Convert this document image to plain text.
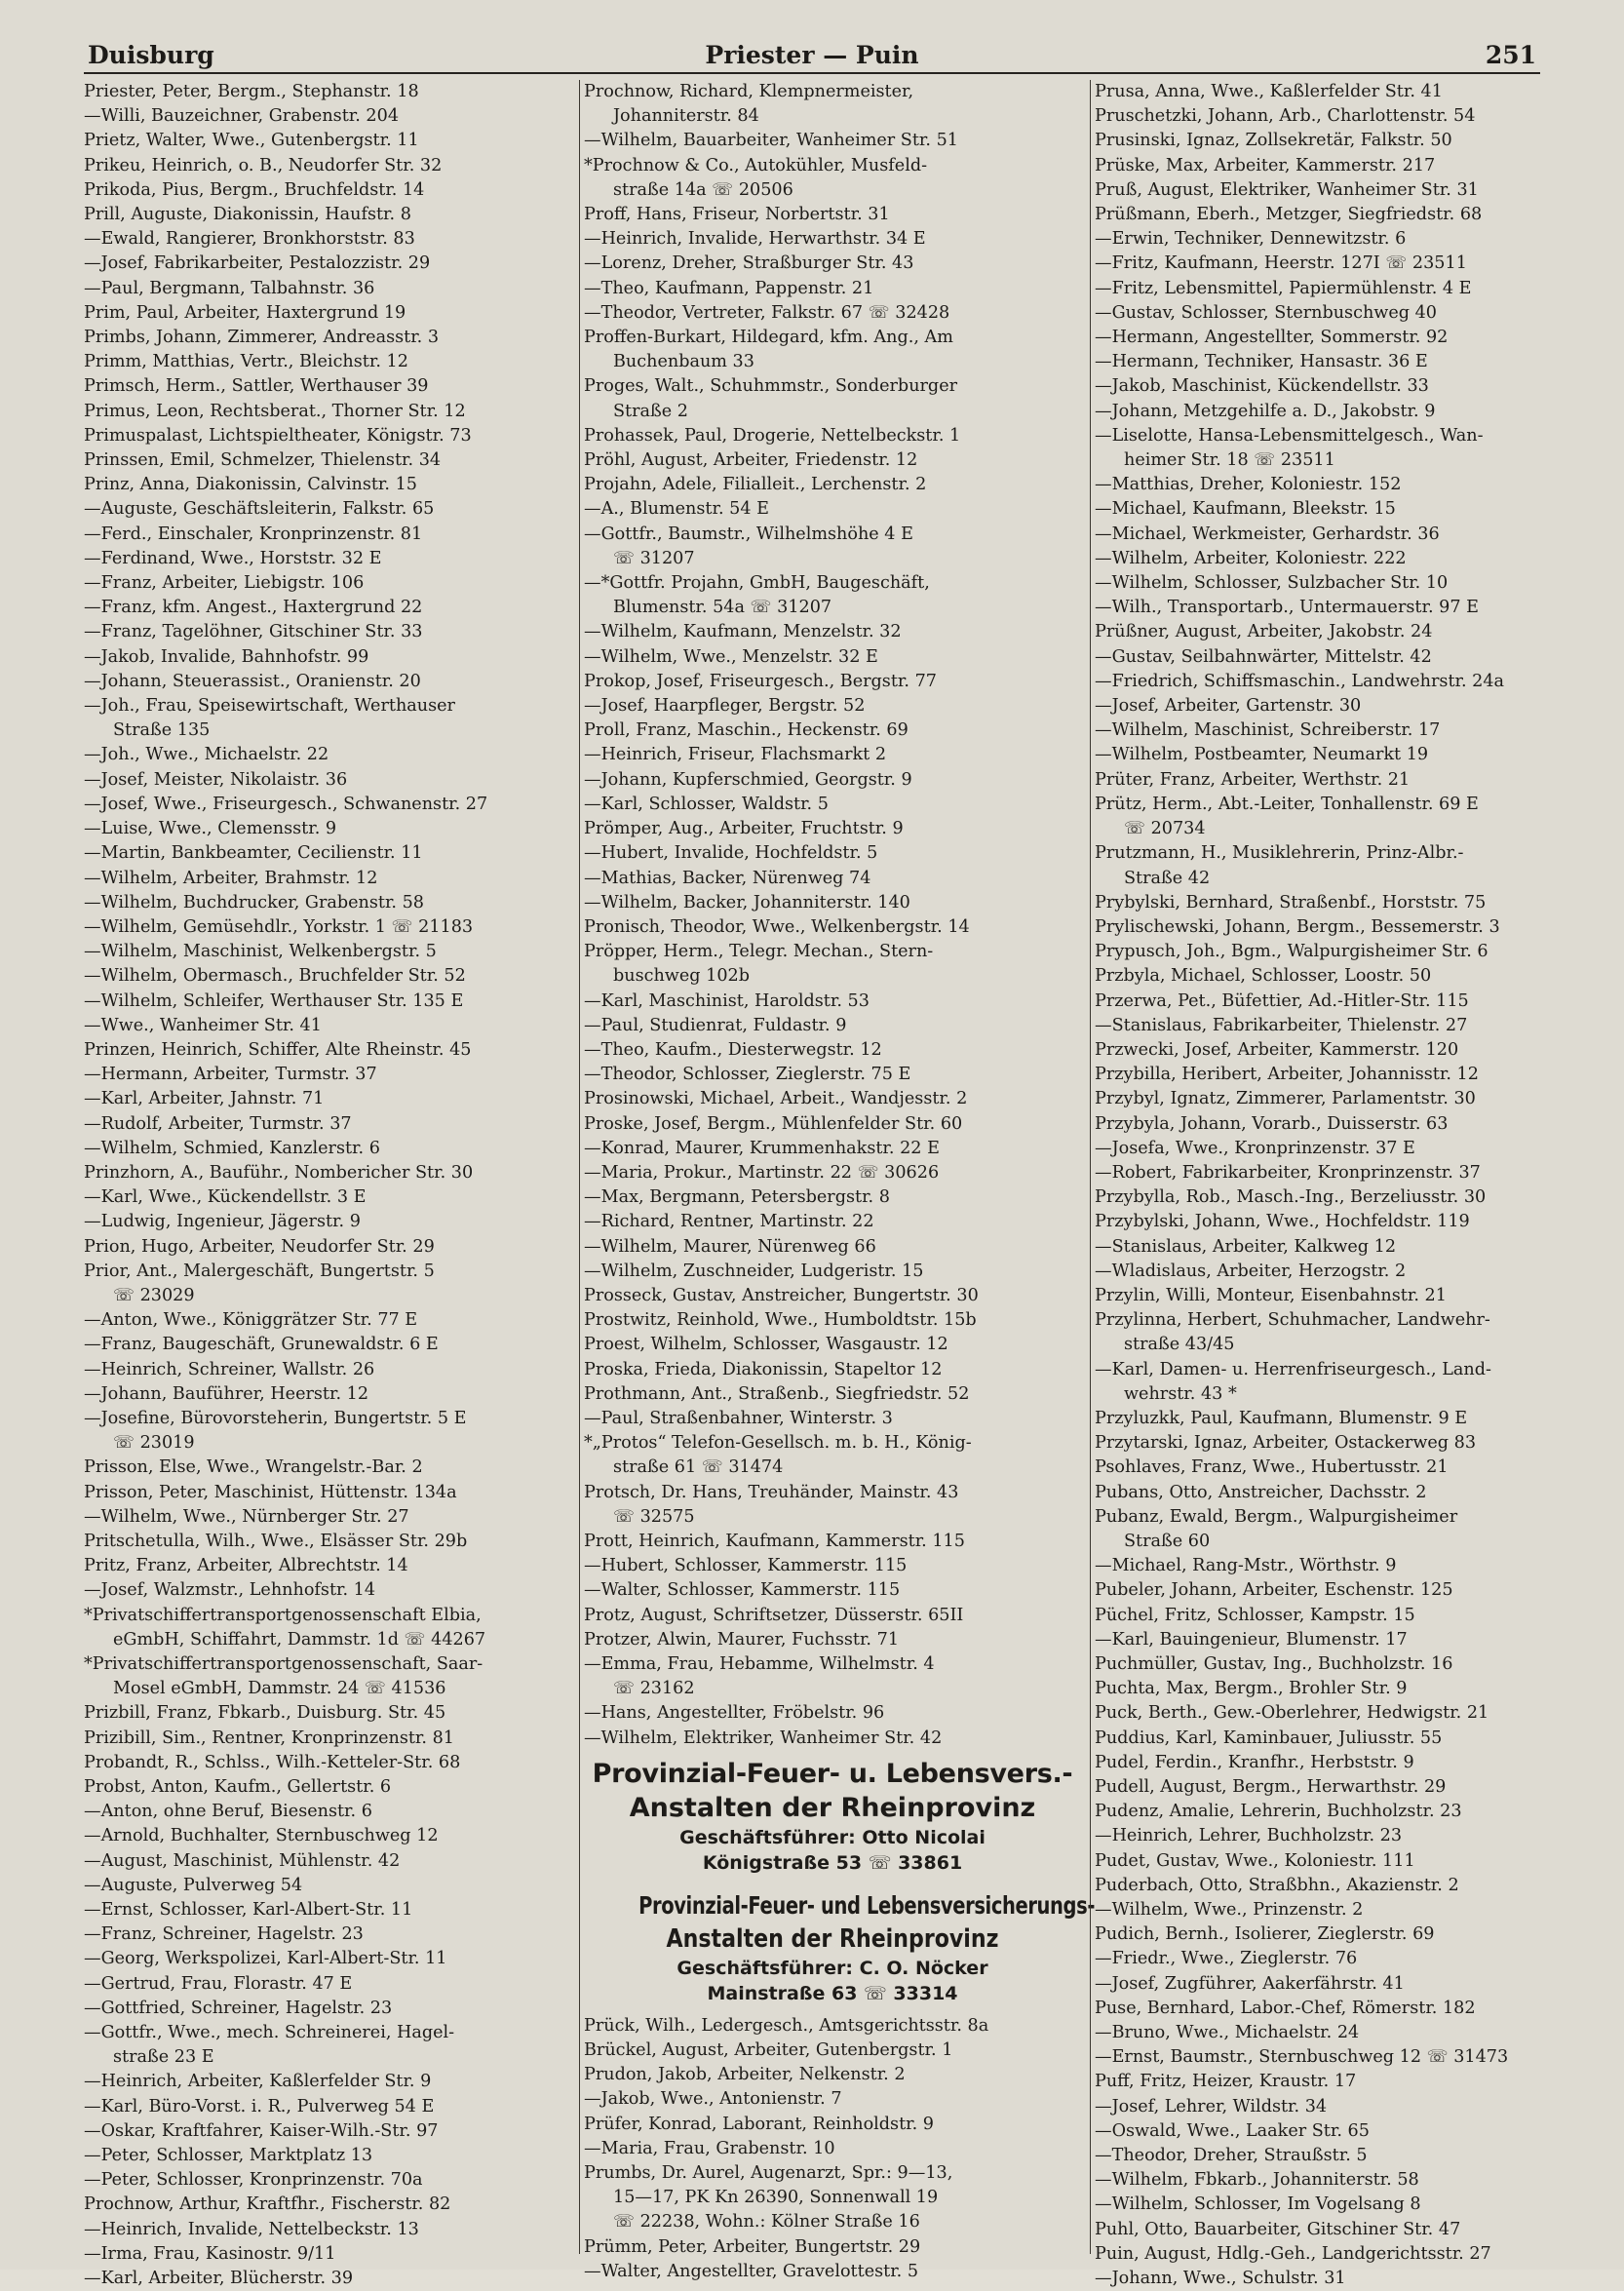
Duisburg	Priester — Puin	251
Priester, Peter, Bergm., Stephanstr. 18
—Willi, Bauzeichner, Grabenstr. 204
Prietz, Walter, Wwe., Gutenbergstr. 11
Prikeu, Heinrich, o. B., Neudorfer Str. 32
Prikoda, Pius, Bergm., Bruchfeldstr. 14
Prill, Auguste, Diakonissin, Haufstr. 8
—Ewald, Rangierer, Bronkhorststr. 83
—Josef, Fabrikarbeiter, Pestalozzistr. 29
—Paul, Bergmann, Talbahnstr. 36
Prim, Paul, Arbeiter, Haxtergrund 19
Primbs, Johann, Zimmerer, Andreasstr. 3
Primm, Matthias, Vertr., Bleichstr. 12
Primsch, Herm., Sattler, Werthauser 39
Primus, Leon, Rechtsberat., Thorner Str. 12
Primuspalast, Lichtspieltheater, Königstr. 73
Prinssen, Emil, Schmelzer, Thielenstr. 34
Prinz, Anna, Diakonissin, Calvinstr. 15
—Auguste, Geschäftsleiterin, Falkstr. 65
—Ferd., Einschaler, Kronprinzenstr. 81
—Ferdinand, Wwe., Horststr. 32 E
—Franz, Arbeiter, Liebigstr. 106
—Franz, kfm. Angest., Haxtergrund 22
—Franz, Tagelöhner, Gitschiner Str. 33
—Jakob, Invalide, Bahnhofstr. 99
—Johann, Steuerassist., Oranienstr. 20
—Joh., Frau, Speisewirtschaft, Werthauser
Straße 135
—Joh., Wwe., Michaelstr. 22
—Josef, Meister, Nikolaistr. 36
—Josef, Wwe., Friseurgesch., Schwanenstr. 27
—Luise, Wwe., Clemensstr. 9
—Martin, Bankbeamter, Cecilienstr. 11
—Wilhelm, Arbeiter, Brahmstr. 12
—Wilhelm, Buchdrucker, Grabenstr. 58
—Wilhelm, Gemüsehdlr., Yorkstr. 1 ☏ 21183
—Wilhelm, Maschinist, Welkenbergstr. 5
—Wilhelm, Obermasch., Bruchfelder Str. 52
—Wilhelm, Schleifer, Werthauser Str. 135 E
—Wwe., Wanheimer Str. 41
Prinzen, Heinrich, Schiffer, Alte Rheinstr. 45
—Hermann, Arbeiter, Turmstr. 37
—Karl, Arbeiter, Jahnstr. 71
—Rudolf, Arbeiter, Turmstr. 37
—Wilhelm, Schmied, Kanzlerstr. 6
Prinzhorn, A., Bauführ., Nombericher Str. 30
—Karl, Wwe., Kückendellstr. 3 E
—Ludwig, Ingenieur, Jägerstr. 9
Prion, Hugo, Arbeiter, Neudorfer Str. 29
Prior, Ant., Malergeschäft, Bungertstr. 5
☏ 23029
—Anton, Wwe., Königgrätzer Str. 77 E
—Franz, Baugeschäft, Grunewaldstr. 6 E
—Heinrich, Schreiner, Wallstr. 26
—Johann, Bauführer, Heerstr. 12
—Josefine, Bürovorsteherin, Bungertstr. 5 E
☏ 23019
Prisson, Else, Wwe., Wrangelstr.-Bar. 2
Prisson, Peter, Maschinist, Hüttenstr. 134a
—Wilhelm, Wwe., Nürnberger Str. 27
Pritschetulla, Wilh., Wwe., Elsässer Str. 29b
Pritz, Franz, Arbeiter, Albrechtstr. 14
—Josef, Walzmstr., Lehnhofstr. 14
*Privatschiffertransportgenossenschaft Elbia,
eGmbH, Schiffahrt, Dammstr. 1d ☏ 44267
*Privatschiffertransportgenossenschaft, Saar-
Mosel eGmbH, Dammstr. 24 ☏ 41536
Prizbill, Franz, Fbkarb., Duisburg. Str. 45
Prizibill, Sim., Rentner, Kronprinzenstr. 81
Probandt, R., Schlss., Wilh.-Ketteler-Str. 68
Probst, Anton, Kaufm., Gellertstr. 6
—Anton, ohne Beruf, Biesenstr. 6
—Arnold, Buchhalter, Sternbuschweg 12
—August, Maschinist, Mühlenstr. 42
—Auguste, Pulverweg 54
—Ernst, Schlosser, Karl-Albert-Str. 11
—Franz, Schreiner, Hagelstr. 23
—Georg, Werkspolizei, Karl-Albert-Str. 11
—Gertrud, Frau, Florastr. 47 E
—Gottfried, Schreiner, Hagelstr. 23
—Gottfr., Wwe., mech. Schreinerei, Hagel-
straße 23 E
—Heinrich, Arbeiter, Kaßlerfelder Str. 9
—Karl, Büro-Vorst. i. R., Pulverweg 54 E
—Oskar, Kraftfahrer, Kaiser-Wilh.-Str. 97
—Peter, Schlosser, Marktplatz 13
—Peter, Schlosser, Kronprinzenstr. 70a
Prochnow, Arthur, Kraftfhr., Fischerstr. 82
—Heinrich, Invalide, Nettelbeckstr. 13
—Irma, Frau, Kasinostr. 9/11
—Karl, Arbeiter, Blücherstr. 39
Prochnow, Richard, Klempnermeister,
Johanniterstr. 84
—Wilhelm, Bauarbeiter, Wanheimer Str. 51
*Prochnow & Co., Autokühler, Musfeld-
straße 14a ☏ 20506
Proff, Hans, Friseur, Norbertstr. 31
—Heinrich, Invalide, Herwarthstr. 34 E
—Lorenz, Dreher, Straßburger Str. 43
—Theo, Kaufmann, Pappenstr. 21
—Theodor, Vertreter, Falkstr. 67 ☏ 32428
Proffen-Burkart, Hildegard, kfm. Ang., Am
Buchenbaum 33
Proges, Walt., Schuhmmstr., Sonderburger
Straße 2
Prohassek, Paul, Drogerie, Nettelbeckstr. 1
Pröhl, August, Arbeiter, Friedenstr. 12
Projahn, Adele, Filialleit., Lerchenstr. 2
—A., Blumenstr. 54 E
—Gottfr., Baumstr., Wilhelmshöhe 4 E
☏ 31207
—*Gottfr. Projahn, GmbH, Baugeschäft,
Blumenstr. 54a ☏ 31207
—Wilhelm, Kaufmann, Menzelstr. 32
—Wilhelm, Wwe., Menzelstr. 32 E
Prokop, Josef, Friseurgesch., Bergstr. 77
—Josef, Haarpfleger, Bergstr. 52
Proll, Franz, Maschin., Heckenstr. 69
—Heinrich, Friseur, Flachsmarkt 2
—Johann, Kupferschmied, Georgstr. 9
—Karl, Schlosser, Waldstr. 5
Prömper, Aug., Arbeiter, Fruchtstr. 9
—Hubert, Invalide, Hochfeldstr. 5
—Mathias, Backer, Nürenweg 74
—Wilhelm, Backer, Johanniterstr. 140
Pronisch, Theodor, Wwe., Welkenbergstr. 14
Pröpper, Herm., Telegr. Mechan., Stern-
buschweg 102b
—Karl, Maschinist, Haroldstr. 53
—Paul, Studienrat, Fuldastr. 9
—Theo, Kaufm., Diesterwegstr. 12
—Theodor, Schlosser, Zieglerstr. 75 E
Prosinowski, Michael, Arbeit., Wandjesstr. 2
Proske, Josef, Bergm., Mühlenfelder Str. 60
—Konrad, Maurer, Krummenhakstr. 22 E
—Maria, Prokur., Martinstr. 22 ☏ 30626
—Max, Bergmann, Petersbergstr. 8
—Richard, Rentner, Martinstr. 22
—Wilhelm, Maurer, Nürenweg 66
—Wilhelm, Zuschneider, Ludgeristr. 15
Prosseck, Gustav, Anstreicher, Bungertstr. 30
Prostwitz, Reinhold, Wwe., Humboldtstr. 15b
Proest, Wilhelm, Schlosser, Wasgaustr. 12
Proska, Frieda, Diakonissin, Stapeltor 12
Prothmann, Ant., Straßenb., Siegfriedstr. 52
—Paul, Straßenbahner, Winterstr. 3
*„Protos“ Telefon-Gesellsch. m. b. H., König-
straße 61 ☏ 31474
Protsch, Dr. Hans, Treuhänder, Mainstr. 43
☏ 32575
Prott, Heinrich, Kaufmann, Kammerstr. 115
—Hubert, Schlosser, Kammerstr. 115
—Walter, Schlosser, Kammerstr. 115
Protz, August, Schriftsetzer, Düsserstr. 65II
Protzer, Alwin, Maurer, Fuchsstr. 71
—Emma, Frau, Hebamme, Wilhelmstr. 4
☏ 23162
—Hans, Angestellter, Fröbelstr. 96
—Wilhelm, Elektriker, Wanheimer Str. 42
Provinzial-Feuer- u. Lebensvers.-
Anstalten der Rheinprovinz
Geschäftsführer: Otto Nicolai
Königstraße 53 ☏ 33861
Provinzial-Feuer- und Lebensversicherungs-
Anstalten der Rheinprovinz
Geschäftsführer: C. O. Nöcker
Mainstraße 63 ☏ 33314
Prück, Wilh., Ledergesch., Amtsgerichtsstr. 8a
Brückel, August, Arbeiter, Gutenbergstr. 1
Prudon, Jakob, Arbeiter, Nelkenstr. 2
—Jakob, Wwe., Antonienstr. 7
Prüfer, Konrad, Laborant, Reinholdstr. 9
—Maria, Frau, Grabenstr. 10
Prumbs, Dr. Aurel, Augenarzt, Spr.: 9—13,
15—17, PK Kn 26390, Sonnenwall 19
☏ 22238, Wohn.: Kölner Straße 16
Prümm, Peter, Arbeiter, Bungertstr. 29
—Walter, Angestellter, Gravelottestr. 5
Prusa, Anna, Wwe., Kaßlerfelder Str. 41
Pruschetzki, Johann, Arb., Charlottenstr. 54
Prusinski, Ignaz, Zollsekretär, Falkstr. 50
Prüske, Max, Arbeiter, Kammerstr. 217
Pruß, August, Elektriker, Wanheimer Str. 31
Prüßmann, Eberh., Metzger, Siegfriedstr. 68
—Erwin, Techniker, Dennewitzstr. 6
—Fritz, Kaufmann, Heerstr. 127I ☏ 23511
—Fritz, Lebensmittel, Papiermühlenstr. 4 E
—Gustav, Schlosser, Sternbuschweg 40
—Hermann, Angestellter, Sommerstr. 92
—Hermann, Techniker, Hansastr. 36 E
—Jakob, Maschinist, Kückendellstr. 33
—Johann, Metzgehilfe a. D., Jakobstr. 9
—Liselotte, Hansa-Lebensmittelgesch., Wan-
heimer Str. 18 ☏ 23511
—Matthias, Dreher, Koloniestr. 152
—Michael, Kaufmann, Bleekstr. 15
—Michael, Werkmeister, Gerhardstr. 36
—Wilhelm, Arbeiter, Koloniestr. 222
—Wilhelm, Schlosser, Sulzbacher Str. 10
—Wilh., Transportarb., Untermauerstr. 97 E
Prüßner, August, Arbeiter, Jakobstr. 24
—Gustav, Seilbahnwärter, Mittelstr. 42
—Friedrich, Schiffsmaschin., Landwehrstr. 24a
—Josef, Arbeiter, Gartenstr. 30
—Wilhelm, Maschinist, Schreiberstr. 17
—Wilhelm, Postbeamter, Neumarkt 19
Prüter, Franz, Arbeiter, Werthstr. 21
Prütz, Herm., Abt.-Leiter, Tonhallenstr. 69 E
☏ 20734
Prutzmann, H., Musiklehrerin, Prinz-Albr.-
Straße 42
Prybylski, Bernhard, Straßenbf., Horststr. 75
Prylischewski, Johann, Bergm., Bessemerstr. 3
Prypusch, Joh., Bgm., Walpurgisheimer Str. 6
Przbyla, Michael, Schlosser, Loostr. 50
Przerwa, Pet., Büfettier, Ad.-Hitler-Str. 115
—Stanislaus, Fabrikarbeiter, Thielenstr. 27
Przwecki, Josef, Arbeiter, Kammerstr. 120
Przybilla, Heribert, Arbeiter, Johannisstr. 12
Przybyl, Ignatz, Zimmerer, Parlamentstr. 30
Przybyla, Johann, Vorarb., Duisserstr. 63
—Josefa, Wwe., Kronprinzenstr. 37 E
—Robert, Fabrikarbeiter, Kronprinzenstr. 37
Przybylla, Rob., Masch.-Ing., Berzeliusstr. 30
Przybylski, Johann, Wwe., Hochfeldstr. 119
—Stanislaus, Arbeiter, Kalkweg 12
—Wladislaus, Arbeiter, Herzogstr. 2
Przylin, Willi, Monteur, Eisenbahnstr. 21
Przylinna, Herbert, Schuhmacher, Landwehr-
straße 43/45
—Karl, Damen- u. Herrenfriseurgesch., Land-
wehrstr. 43 *
Przyluzkk, Paul, Kaufmann, Blumenstr. 9 E
Przytarski, Ignaz, Arbeiter, Ostackerweg 83
Psohlaves, Franz, Wwe., Hubertusstr. 21
Pubans, Otto, Anstreicher, Dachsstr. 2
Pubanz, Ewald, Bergm., Walpurgisheimer
Straße 60
—Michael, Rang-Mstr., Wörthstr. 9
Pubeler, Johann, Arbeiter, Eschenstr. 125
Püchel, Fritz, Schlosser, Kampstr. 15
—Karl, Bauingenieur, Blumenstr. 17
Puchmüller, Gustav, Ing., Buchholzstr. 16
Puchta, Max, Bergm., Brohler Str. 9
Puck, Berth., Gew.-Oberlehrer, Hedwigstr. 21
Puddius, Karl, Kaminbauer, Juliusstr. 55
Pudel, Ferdin., Kranfhr., Herbststr. 9
Pudell, August, Bergm., Herwarthstr. 29
Pudenz, Amalie, Lehrerin, Buchholzstr. 23
—Heinrich, Lehrer, Buchholzstr. 23
Pudet, Gustav, Wwe., Koloniestr. 111
Puderbach, Otto, Straßbhn., Akazienstr. 2
—Wilhelm, Wwe., Prinzenstr. 2
Pudich, Bernh., Isolierer, Zieglerstr. 69
—Friedr., Wwe., Zieglerstr. 76
—Josef, Zugführer, Aakerfährstr. 41
Puse, Bernhard, Labor.-Chef, Römerstr. 182
—Bruno, Wwe., Michaelstr. 24
—Ernst, Baumstr., Sternbuschweg 12 ☏ 31473
Puff, Fritz, Heizer, Kraustr. 17
—Josef, Lehrer, Wildstr. 34
—Oswald, Wwe., Laaker Str. 65
—Theodor, Dreher, Straußstr. 5
—Wilhelm, Fbkarb., Johanniterstr. 58
—Wilhelm, Schlosser, Im Vogelsang 8
Puhl, Otto, Bauarbeiter, Gitschiner Str. 47
Puin, August, Hdlg.-Geh., Landgerichtsstr. 27
—Johann, Wwe., Schulstr. 31
